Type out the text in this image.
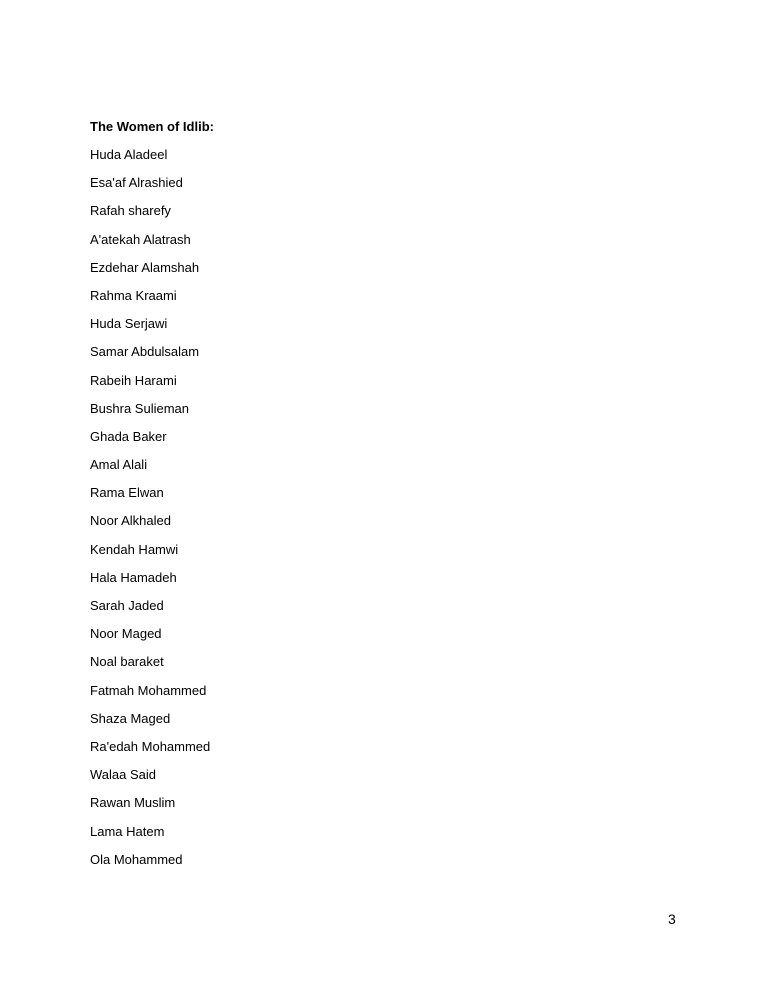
The Women of Idlib:
Huda Aladeel
Esa'af Alrashied
Rafah sharefy
A'atekah Alatrash
Ezdehar Alamshah
Rahma Kraami
Huda Serjawi
Samar Abdulsalam
Rabeih Harami
Bushra Sulieman
Ghada Baker
Amal Alali
Rama Elwan
Noor Alkhaled
Kendah Hamwi
Hala Hamadeh
Sarah Jaded
Noor Maged
Noal baraket
Fatmah Mohammed
Shaza Maged
Ra'edah Mohammed
Walaa Said
Rawan Muslim
Lama Hatem
Ola Mohammed
3
